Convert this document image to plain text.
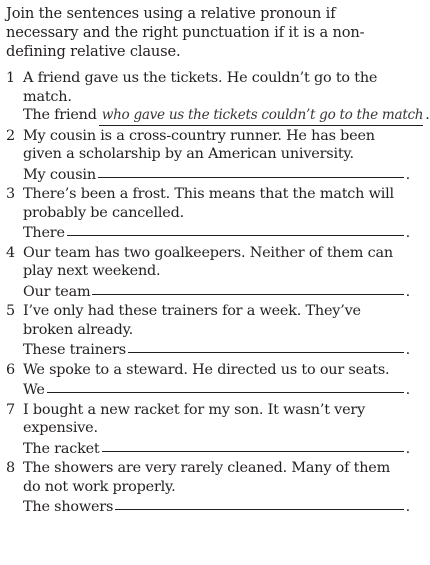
Join the sentences using a relative pronoun if necessary and the right punctuation if it is a non-defining relative clause.

1 A friend gave us the tickets. He couldn’t go to the match.
The friend who gave us the tickets couldn’t go to the match .
2 My cousin is a cross-country runner. He has been given a scholarship by an American university.
My cousin	.
3 There’s been a frost. This means that the match will probably be cancelled.
There	.
4 Our team has two goalkeepers. Neither of them can play next weekend.
Our team	.
5 I’ve only had these trainers for a week. They’ve broken already.
These trainers	.
6 We spoke to a steward. He directed us to our seats.
We	.
7 I bought a new racket for my son. It wasn’t very expensive.
The racket	.
8 The showers are very rarely cleaned. Many of them do not work properly.
The showers	.
